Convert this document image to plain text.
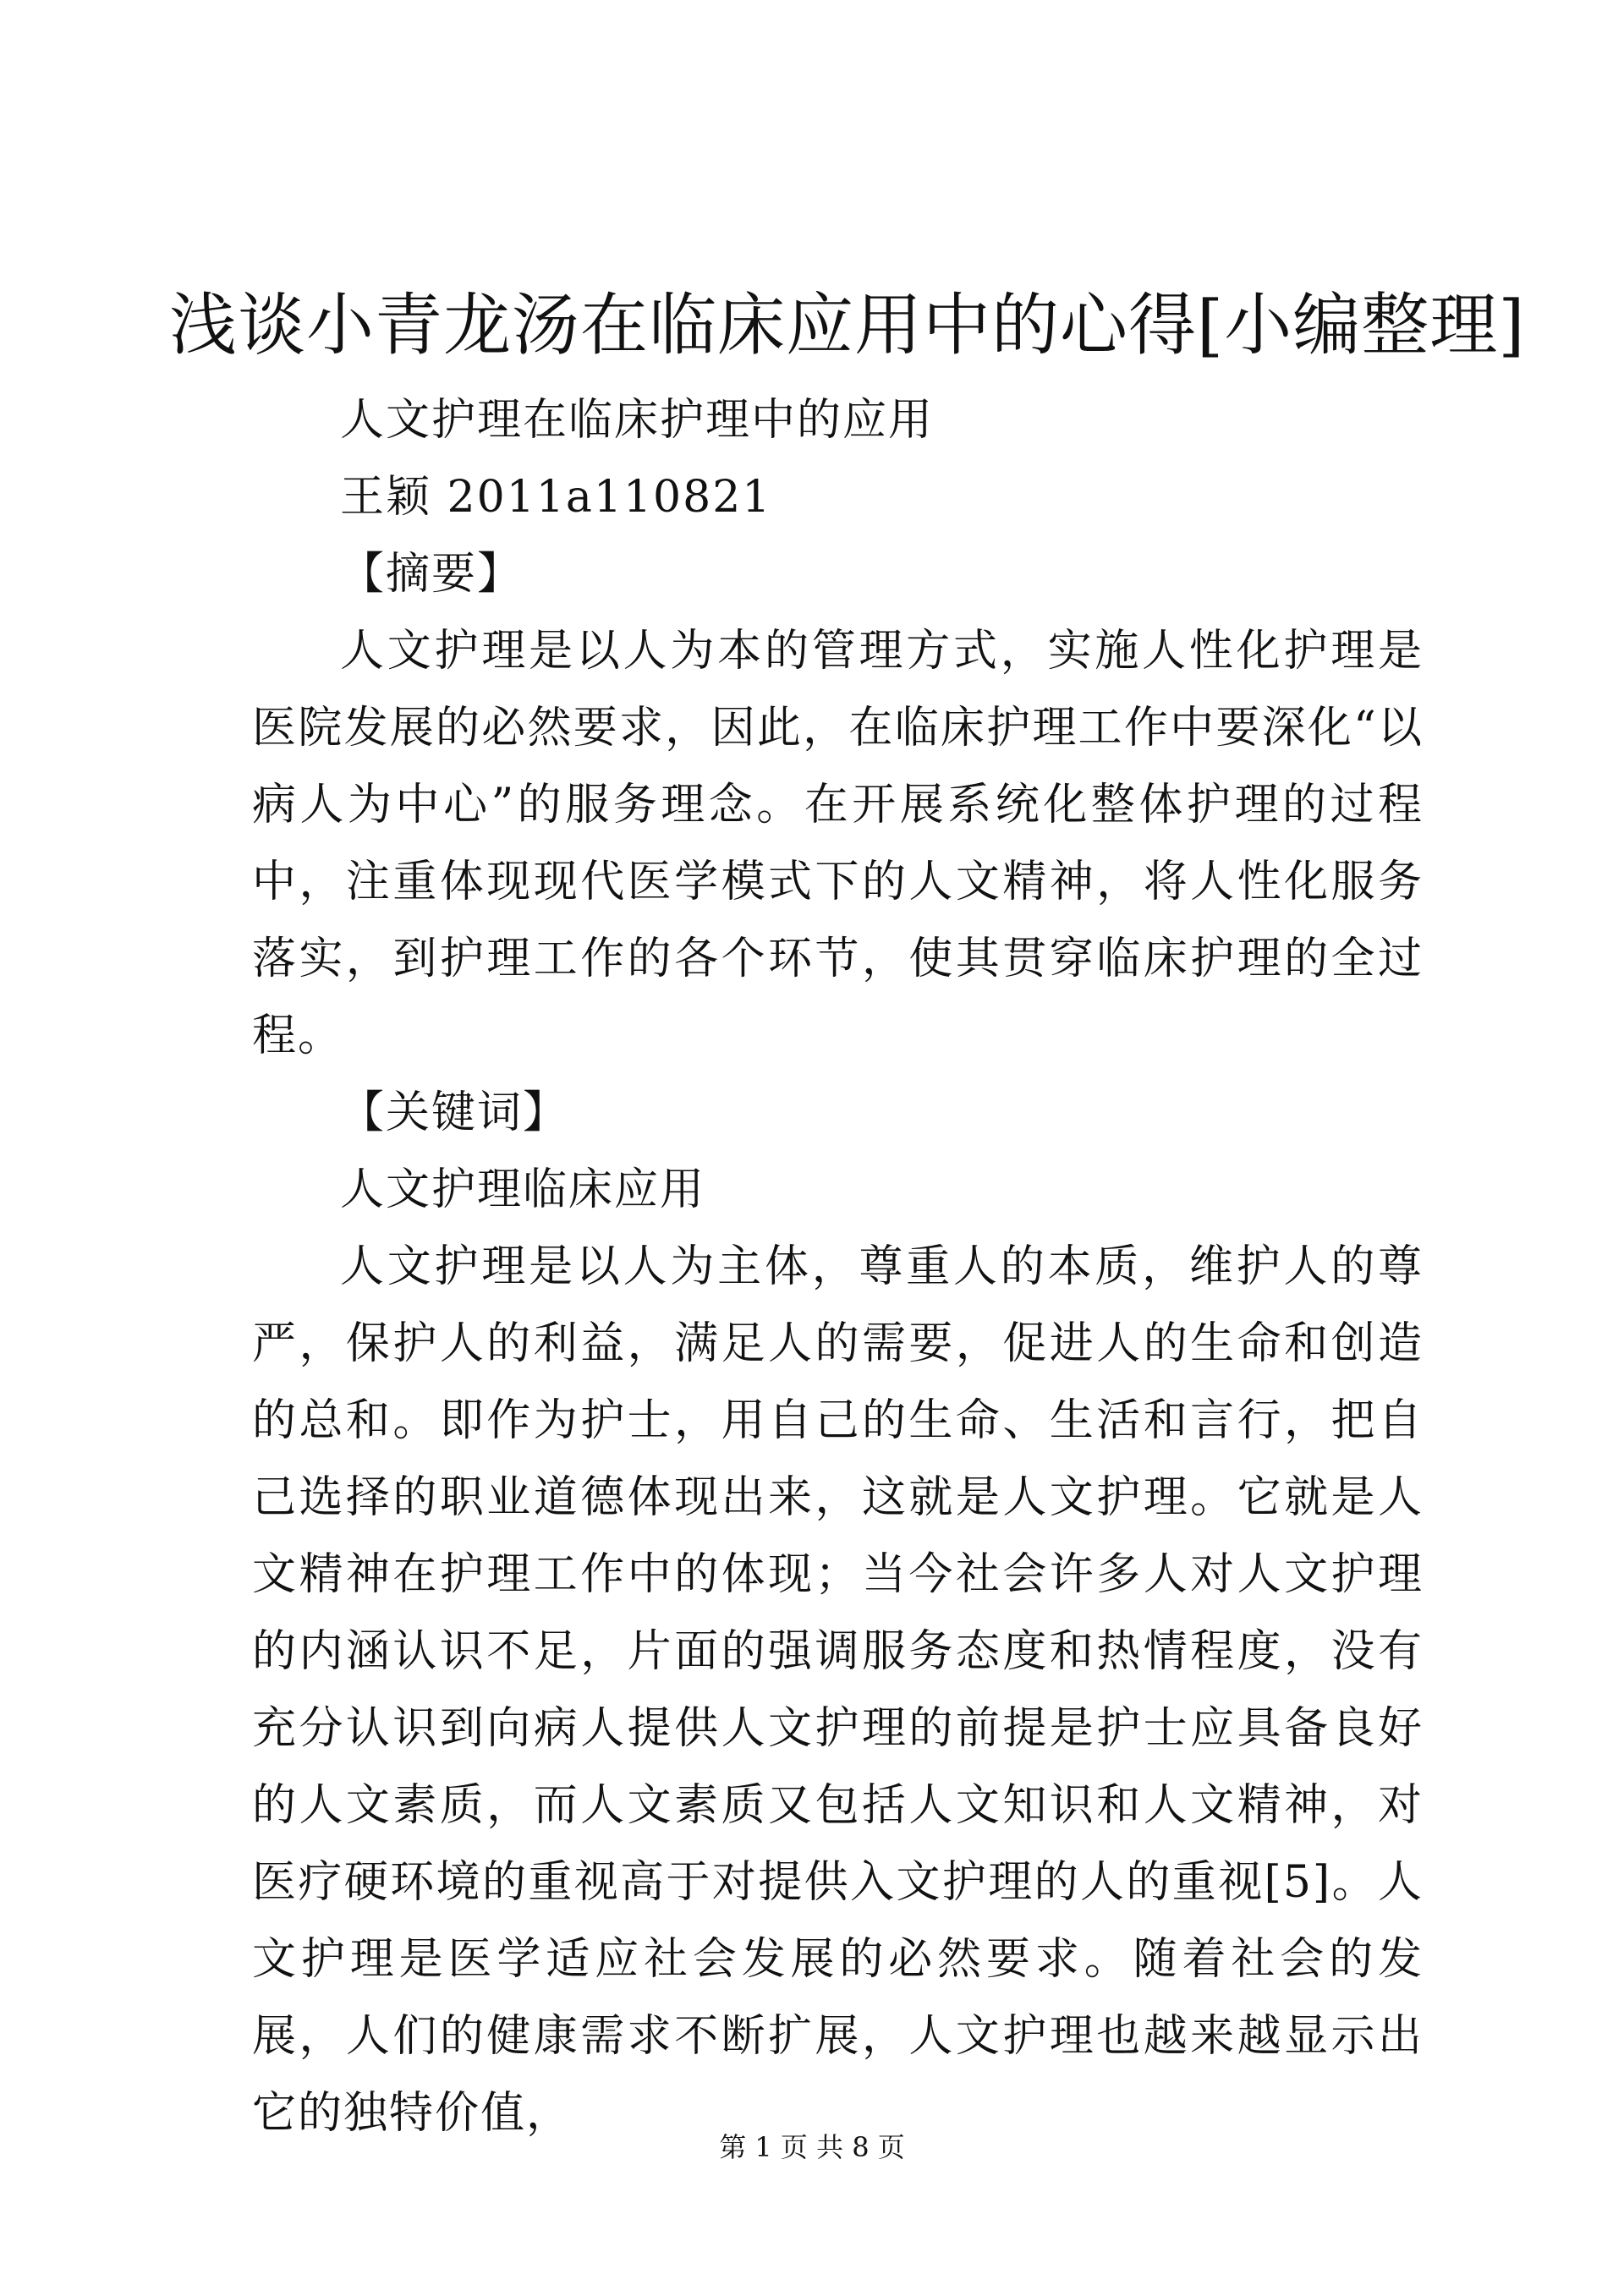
浅谈小青龙汤在临床应用中的心得[小编整理]

人文护理在临床护理中的应用

王颖 2011a110821

【摘要】

人文护理是以人为本的管理方式，实施人性化护理是医院发展的必然要求，因此，在临床护理工作中要深化“以病人为中心”的服务理念。在开展系统化整体护理的过程中，注重体现现代医学模式下的人文精神，将人性化服务落实，到护理工作的各个环节，使其贯穿临床护理的全过程。

【关键词】

人文护理临床应用

人文护理是以人为主体，尊重人的本质，维护人的尊严，保护人的利益，满足人的需要，促进人的生命和创造的总和。即作为护士，用自己的生命、生活和言行，把自己选择的职业道德体现出来，这就是人文护理。它就是人文精神在护理工作中的体现；当今社会许多人对人文护理的内涵认识不足，片面的强调服务态度和热情程度，没有充分认识到向病人提供人文护理的前提是护士应具备良好的人文素质，而人文素质又包括人文知识和人文精神，对医疗硬环境的重视高于对提供入文护理的人的重视[5]。人文护理是医学适应社会发展的必然要求。随着社会的发展，人们的健康需求不断扩展，人文护理也越来越显示出它的独特价值，

第 1 页 共 8 页
